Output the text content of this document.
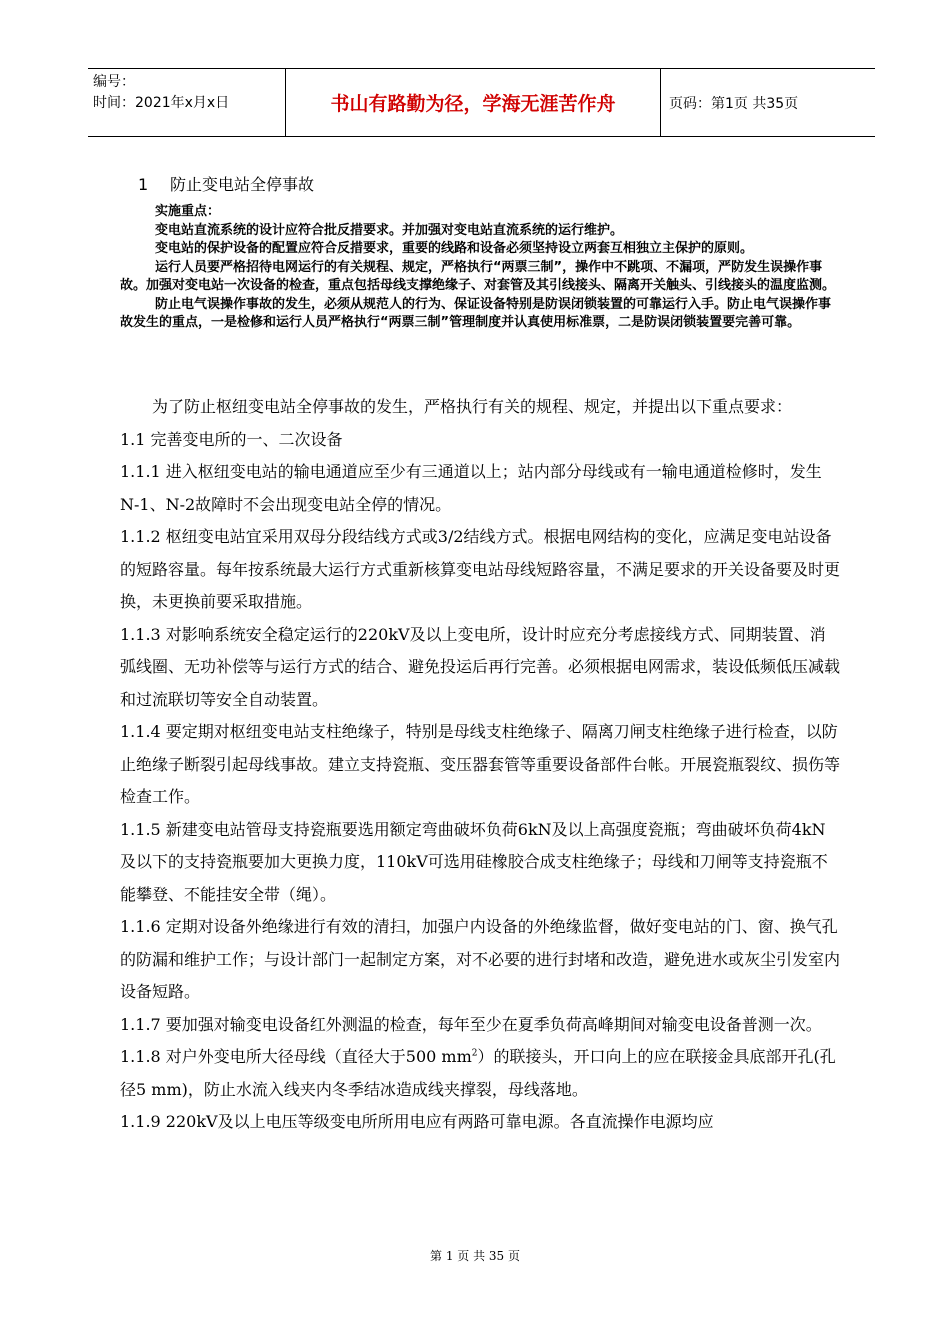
编号：
时间：2021年x月x日	书山有路勤为径，学海无涯苦作舟	页码：第1页 共35页
1 防止变电站全停事故

实施重点：

变电站直流系统的设计应符合批反措要求。并加强对变电站直流系统的运行维护。

变电站的保护设备的配置应符合反措要求，重要的线路和设备必须坚持设立两套互相独立主保护的原则。

运行人员要严格招待电网运行的有关规程、规定，严格执行“两票三制”，操作中不跳项、不漏项，严防发生误操作事故。加强对变电站一次设备的检查，重点包括母线支撑绝缘子、对套管及其引线接头、隔离开关触头、引线接头的温度监测。

防止电气误操作事故的发生，必须从规范人的行为、保证设备特别是防误闭锁装置的可靠运行入手。防止电气误操作事故发生的重点，一是检修和运行人员严格执行“两票三制”管理制度并认真使用标准票，二是防误闭锁装置要完善可靠。

为了防止枢纽变电站全停事故的发生，严格执行有关的规程、规定，并提出以下重点要求：

1.1 完善变电所的一、二次设备

1.1.1 进入枢纽变电站的输电通道应至少有三通道以上；站内部分母线或有一输电通道检修时，发生N-1、N-2故障时不会出现变电站全停的情况。

1.1.2 枢纽变电站宜采用双母分段结线方式或3/2结线方式。根据电网结构的变化，应满足变电站设备的短路容量。每年按系统最大运行方式重新核算变电站母线短路容量，不满足要求的开关设备要及时更换，未更换前要采取措施。

1.1.3 对影响系统安全稳定运行的220kV及以上变电所，设计时应充分考虑接线方式、同期装置、消弧线圈、无功补偿等与运行方式的结合、避免投运后再行完善。必须根据电网需求，装设低频低压减载和过流联切等安全自动装置。

1.1.4 要定期对枢纽变电站支柱绝缘子，特别是母线支柱绝缘子、隔离刀闸支柱绝缘子进行检查，以防止绝缘子断裂引起母线事故。建立支持瓷瓶、变压器套管等重要设备部件台帐。开展瓷瓶裂纹、损伤等检查工作。

1.1.5 新建变电站管母支持瓷瓶要选用额定弯曲破坏负荷6kN及以上高强度瓷瓶；弯曲破坏负荷4kN及以下的支持瓷瓶要加大更换力度，110kV可选用硅橡胶合成支柱绝缘子；母线和刀闸等支持瓷瓶不能攀登、不能挂安全带（绳）。

1.1.6 定期对设备外绝缘进行有效的清扫，加强户内设备的外绝缘监督，做好变电站的门、窗、换气孔的防漏和维护工作；与设计部门一起制定方案，对不必要的进行封堵和改造，避免进水或灰尘引发室内设备短路。

1.1.7 要加强对输变电设备红外测温的检查，每年至少在夏季负荷高峰期间对输变电设备普测一次。

1.1.8 对户外变电所大径母线（直径大于500 $mm^2$）的联接头，开口向上的应在联接金具底部开孔(孔径5 mm)，防止水流入线夹内冬季结冰造成线夹撑裂，母线落地。

1.1.9 220kV及以上电压等级变电所所用电应有两路可靠电源。各直流操作电源均应

第 1 页 共 35 页
